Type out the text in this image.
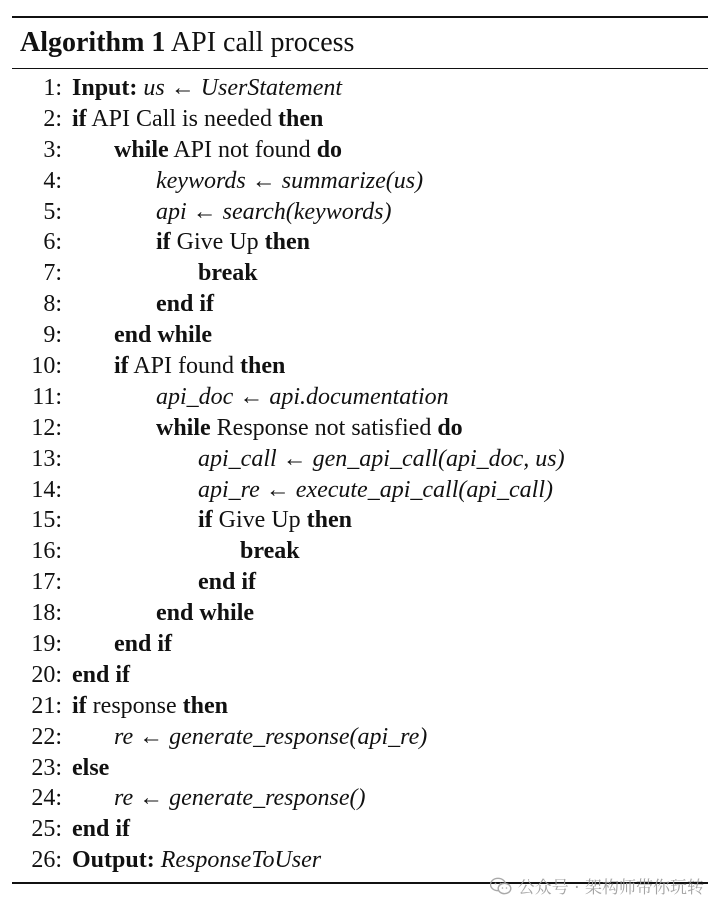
Algorithm 1 API call process
1: Input: us ← UserStatement
2: if API Call is needed then
3: while API not found do
4:	keywords ← summarize(us)
5:	api ← search(keywords)
6:	if Give Up then
7:	break
8:	end if
9: end while
10: if API found then
11:	api_doc ← api.documentation
12:	while Response not satisfied do
13:	api_call ← gen_api_call(api_doc, us)
14:	api_re ← execute_api_call(api_call)
15:	if Give Up then
16:	break
17:	end if
18:	end while
19: end if
20: end if
21: if response then
22: re ← generate_response(api_re)
23: else
24: re ← generate_response()
25: end if
26: Output: ResponseToUser
公众号 · 架构师带你玩转
